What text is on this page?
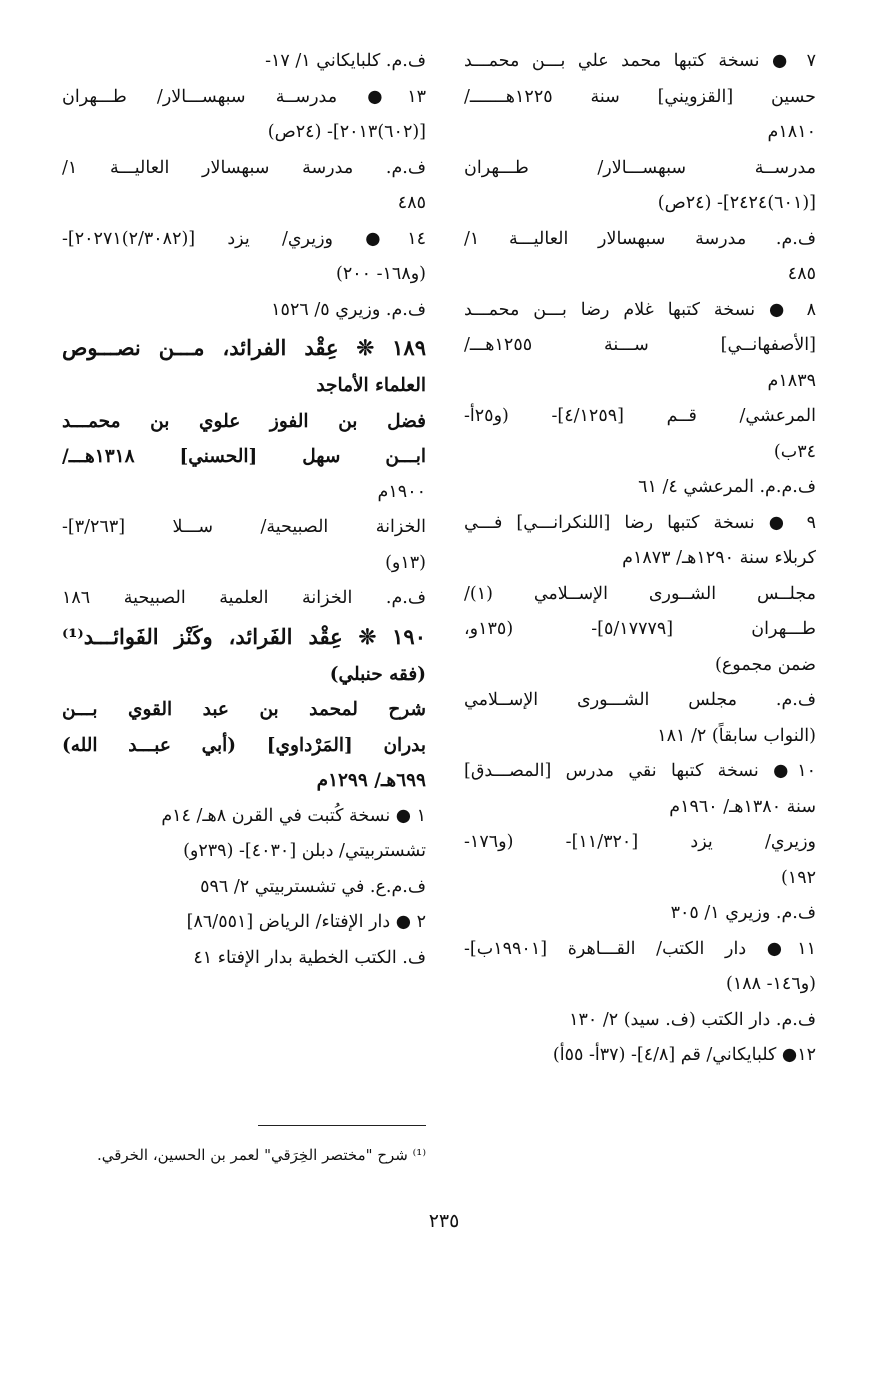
٧ ● نسخة كتبها محمد علي بـــن محمـــد
حسين [القزويني] سنة ١٢٢٥هـــــــ/
١٨١٠م
مدرســة سبهســـالار/ طـــهران
[(٦٠١)٢٤٢٤]- (٢٤ص)
ف.م. مدرسة سبهسالار العاليـــة ١/
٤٨٥
٨ ● نسخة كتبها غلام رضا بـــن محمـــد
[الأصفهانــي] ســـنة ١٢٥٥هـــ/
١٨٣٩م
المرعشي/ قــم [٤/١٢٥٩]- (و٢٥أ-
٣٤ب)
ف.م.م. المرعشي ٤/ ٦١
٩ ● نسخة كتبها رضا [اللنكرانـــي] فـــي
كربلاء سنة ١٢٩٠هـ/ ١٨٧٣م
مجلــس الشــورى الإســلامي (١)/
طـــهران [٥/١٧٧٧٩]- (١٣٥و،
ضمن مجموع)
ف.م. مجلس الشـــورى الإســلامي
(النواب سابقاً) ٢/ ١٨١
١٠● نسخة كتبها نقي مدرس [المصـــدق]
سنة ١٣٨٠هـ/ ١٩٦٠م
وزيري/ يزد [١١/٣٢٠]- (و١٧٦-
١٩٢)
ف.م. وزيري ١/ ٣٠٥
١١● دار الكتب/ القـــاهرة [١٩٩٠١ب]-
(و١٤٦- ١٨٨)
ف.م. دار الكتب (ف. سيد) ٢/ ١٣٠
١٢● كلبايكاني/ قم [٤/٨]- (٣٧أ- ٥٥أ)
ف.م. كلبايكاني ١/ ١٧-
١٣● مدرســة سبهســـالار/ طـــهران
[(٦٠٢)٢٠١٣]- (٢٤ص)
ف.م. مدرسة سبهسالار العاليـــة ١/
٤٨٥
١٤● وزيري/ يزد [(٢/٣٠٨٢)٢٠٢٧١]-
(و١٦٨- ٢٠٠)
ف.م. وزيري ٥/ ١٥٢٦
١٨٩ ❊ عِقْد الفرائد، مـــن نصـــوص
العلماء الأماجد
فضل بن الفوز علوي بن محمـــد
ابـــن سهل [الحسني] ١٣١٨هـــ/
١٩٠٠م
الخزانة الصبيحية/ ســـلا [٣/٢٦٣]-
(١٣و)
ف.م. الخزانة العلمية الصبيحية ١٨٦
١٩٠ ❊ عِقْد الفَرائد، وكَنْز الفَوائـــد⁽¹⁾
(فقه حنبلي)
شرح لمحمد بن عبد القوي بـــن
بدران [المَرْداوي] (أبي عبـــد الله)
٦٩٩هـ/ ١٢٩٩م
١ ● نسخة كُتبت في القرن ٨هـ/ ١٤م
تشستربيتي/ دبلن [٤٠٣٠]- (٢٣٩و)
ف.م.ع. في تشستربيتي ٢/ ٥٩٦
٢ ● دار الإفتاء/ الرياض [٨٦/٥٥١]
ف. الكتب الخطية بدار الإفتاء ٤١
⁽¹⁾ شرح "مختصر الخِرَقي" لعمر بن الحسين، الخرقي.
٢٣٥
